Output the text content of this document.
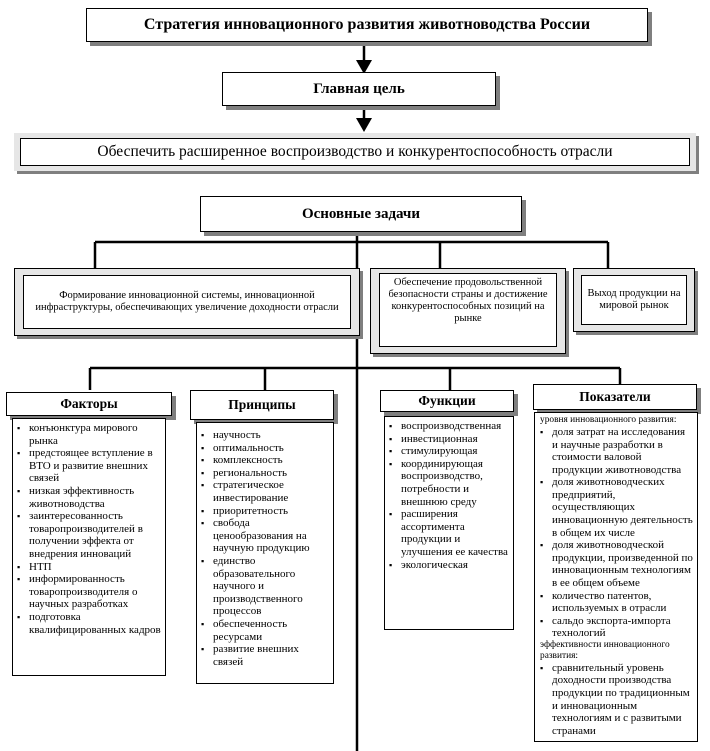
Стратегия инновационного развития животноводства России
Главная цель
Обеспечить расширенное воспроизводство и конкурентоспособность отрасли
Основные задачи
Формирование инновационной системы, инновационной инфраструктуры, обеспечивающих увеличение доходности отрасли
Обеспечение продовольственной безопасности страны и достижение конкурентоспособных позиций на рынке
Выход продукции на мировой рынок
Факторы
▪ конъюнктура мирового рынка
▪ предстоящее вступление в ВТО и развитие внешних связей
▪ низкая эффективность животноводства
▪ заинтересованность товаропроизводителей в получении эффекта от внедрения инноваций
▪ НТП
▪ информированность товаропроизводителя о научных разработках
▪ подготовка квалифицированных кадров
Принципы
▪ научность
▪ оптимальность
▪ комплексность
▪ региональность
▪ стратегическое инвестирование
▪ приоритетность
▪ свобода ценообразования на научную продукцию
▪ единство образовательного научного и производственного процессов
▪ обеспеченность ресурсами
▪ развитие внешних связей
Функции
▪ воспроизводственная
▪ инвестиционная
▪ стимулирующая
▪ координирующая воспроизводство, потребности и внешнюю среду
▪ расширения ассортимента продукции и улучшения ее качества
▪ экологическая
Показатели
уровня инновационного развития:
▪ доля затрат на исследования и научные разработки в стоимости валовой продукции животноводства
▪ доля животноводческих предприятий, осуществляющих инновационную деятельность в общем их числе
▪ доля животноводческой продукции, произведенной по инновационным технологиям в ее общем объеме
▪ количество патентов, используемых в отрасли
▪ сальдо экспорта-импорта технологий
эффективности инновационного развития:
▪ сравнительный уровень доходности производства продукции по традиционным и инновационным технологиям и с развитыми странами
